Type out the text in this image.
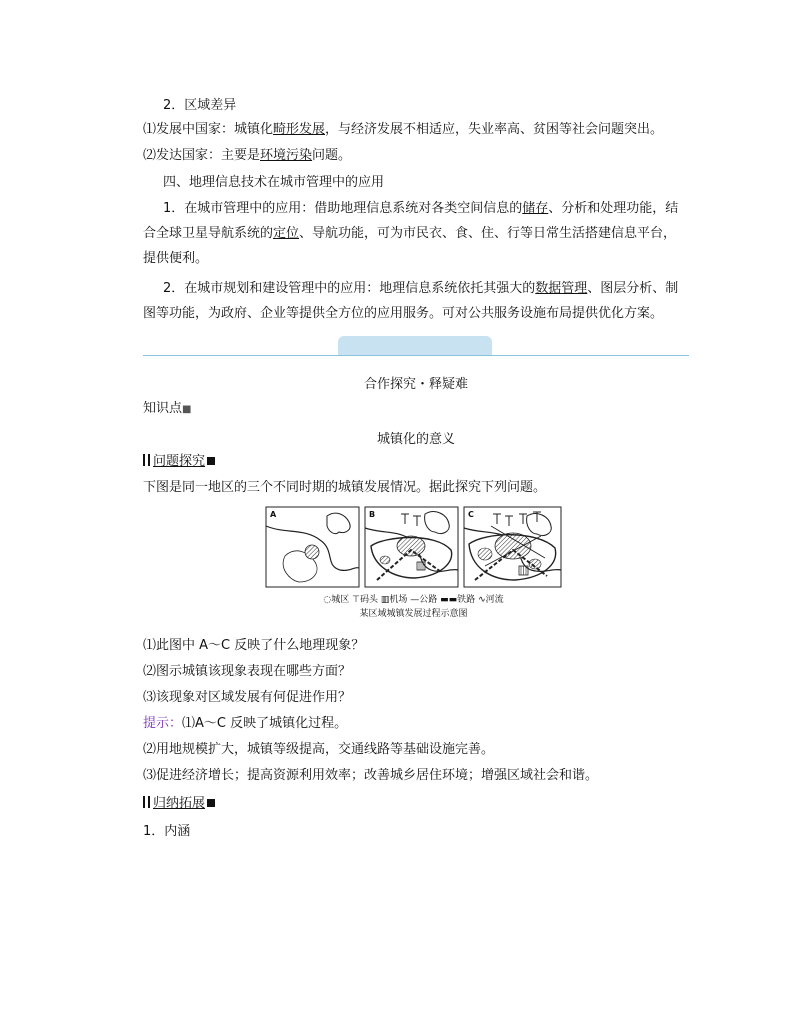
2．区域差异
⑴发展中国家：城镇化畸形发展，与经济发展不相适应，失业率高、贫困等社会问题突出。
⑵发达国家：主要是环境污染问题。
四、地理信息技术在城市管理中的应用
1．在城市管理中的应用：借助地理信息系统对各类空间信息的储存、分析和处理功能，结合全球卫星导航系统的定位、导航功能，可为市民衣、食、住、行等日常生活搭建信息平台，提供便利。
2．在城市规划和建设管理中的应用：地理信息系统依托其强大的数据管理、图层分析、制图等功能，为政府、企业等提供全方位的应用服务。可对公共服务设施布局提供优化方案。
合作探究・释疑难
知识点■
城镇化的意义
问题探究
下图是同一地区的三个不同时期的城镇发展情况。据此探究下列问题。
A	B	C
◌城区 ⊤码头 ▥机场 —公路 ▬▬铁路 ∿河流
某区域城镇发展过程示意图
⑴此图中 A～C 反映了什么地理现象？
⑵图示城镇该现象表现在哪些方面？
⑶该现象对区域发展有何促进作用？
提示：⑴A～C 反映了城镇化过程。
⑵用地规模扩大，城镇等级提高，交通线路等基础设施完善。
⑶促进经济增长；提高资源利用效率；改善城乡居住环境；增强区域社会和谐。
归纳拓展
1．内涵
